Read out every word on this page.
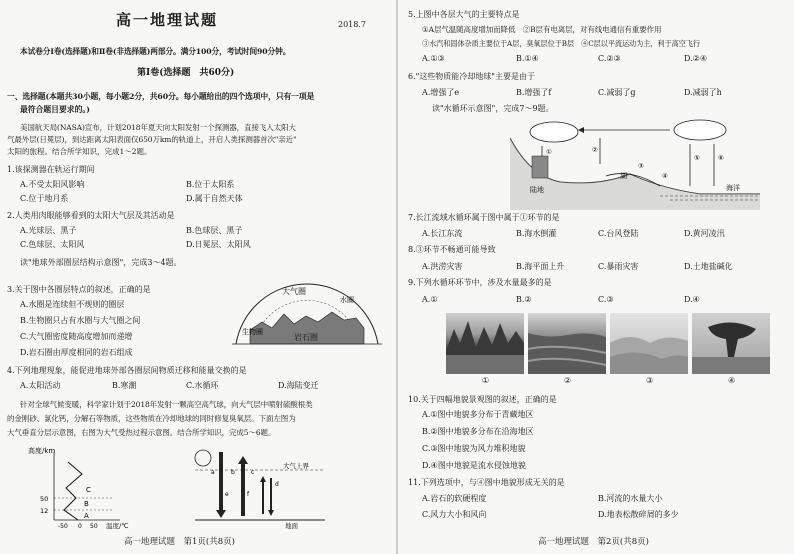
高一地理试题	2018.7
本试卷分Ⅰ卷(选择题)和Ⅱ卷(非选择题)两部分。满分100分，考试时间90分钟。
第Ⅰ卷(选择题　共60分)
一、选择题(本题共30小题，每小题2分，共60分。每小题给出的四个选项中，只有一项是
最符合题目要求的。)
美国航天局(NASA)宣布，计划2018年夏天向太阳发射一个探测器，直接飞入太阳大
气最外层(日冕层)，到达距离太阳表面仅650万km的轨道上，开启人类探测器首次"亲近"
太阳的旅程。结合所学知识，完成1～2题。
1.该探测器在轨运行期间
A.不受太阳风影响	B.位于太阳系
C.位于地月系	D.属于自然天体
2.人类用肉眼能够看到的太阳大气层及其活动是
A.光球层、黑子	B.色球层、黑子
C.色球层、太阳风	D.日冕层、太阳风
读"地球外部圈层结构示意图"，完成3～4题。
大气圈
生物圈
水圈
岩石圈
3.关于图中各圈层特点的叙述，正确的是
A.水圈是连续但不规则的圈层
B.生物圈只占有水圈与大气圈之间
C.大气圈密度随高度增加而递增
D.岩石圈由厚度相同的岩石组成
4.下列地理现象，能促进地球外部各圈层间物质迁移和能量交换的是
A.太阳活动	B.寒潮	C.水循环	D.海陆变迁
针对全球气候变暖，科学家计划于2018年发射一颗高空高气球，向大气层中喷射硫酸根类
的金刚砂、氯化钙，分解石等物质，这些物质在冷却地球的同时修复臭氧层。下面左图为
大气垂直分层示意图，右图为大气受热过程示意图。结合所学知识，完成5～6题。
高度/km
50
12
-50 0 50 温度/℃
C
B
A
大气上界
地面
a	b	c
d
e	f
高一地理试题　第1页(共8页)
5.上图中各层大气的主要特点是
①A层气温随高度增加而降低　②B层有电离层，对有线电通信有重要作用
③水汽和固体杂质主要位于A层，臭氧层位于B层　④C层以平流运动为主，利于高空飞行
A.①③	B.①④	C.②③	D.②④
6."这些物质能冷却地球"主要是由于
A.增强了e	B.增强了f	C.减弱了g	D.减弱了h
读"水循环示意图"，完成7～9题。
陆地
湖
海洋
①	②
③
④
⑤	⑥
7.长江流域水循环属于图中属于①环节的是
A.长江东流	B.海水倒灌	C.台风登陆	D.黄河凌汛
8.③环节不畅通可能导致
A.洪涝灾害	B.海平面上升	C.暴雨灾害	D.土地盐碱化
9.下列水循环环节中，涉及水量最多的是
A.①	B.②	C.③	D.④
①	②	③	④
10.关于四幅地貌景观图的叙述，正确的是
A.①图中地貌多分布于青藏地区
B.②图中地貌多分布在沿海地区
C.③图中地貌为风力堆积地貌
D.④图中地貌是流水侵蚀地貌
11.下列选项中，与④图中地貌形成无关的是
A.岩石的软硬程度	B.河流的水量大小
C.风力大小和风向	D.地表松散碎屑的多少
高一地理试题　第2页(共8页)
